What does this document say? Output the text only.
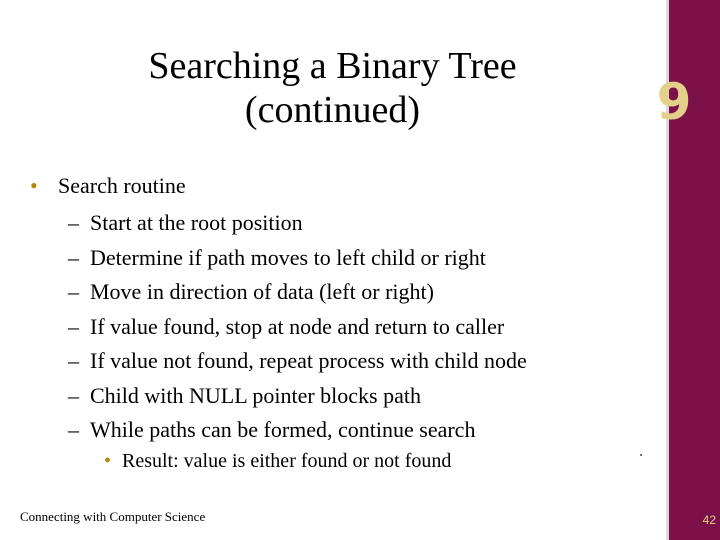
9
Searching a Binary Tree
(continued)
• Search routine
– Start at the root position
– Determine if path moves to left child or right
– Move in direction of data (left or right)
– If value found, stop at node and return to caller
– If value not found, repeat process with child node
– Child with NULL pointer blocks path
– While paths can be formed, continue search
• Result: value is either found or not found
Connecting with Computer Science	42
